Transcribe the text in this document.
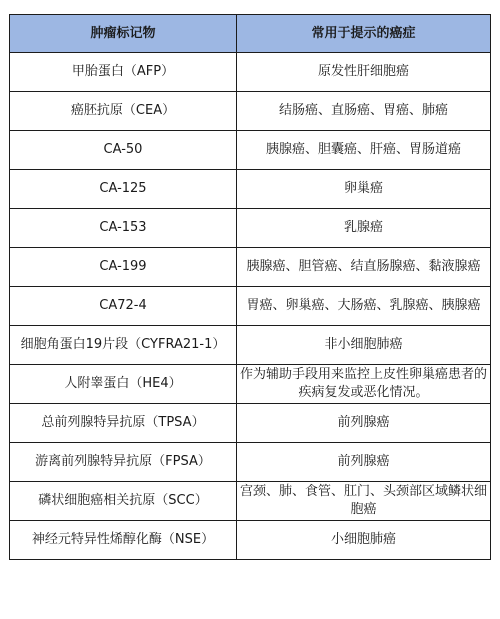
肿瘤标记物	常用于提示的癌症
甲胎蛋白（AFP）	原发性肝细胞癌
癌胚抗原（CEA）	结肠癌、直肠癌、胃癌、肺癌
CA-50	胰腺癌、胆囊癌、肝癌、胃肠道癌
CA-125	卵巢癌
CA-153	乳腺癌
CA-199	胰腺癌、胆管癌、结直肠腺癌、黏液腺癌
CA72-4	胃癌、卵巢癌、大肠癌、乳腺癌、胰腺癌
细胞角蛋白19片段（CYFRA21-1）	非小细胞肺癌
人附睾蛋白（HE4）	作为辅助手段用来监控上皮性卵巢癌患者的疾病复发或恶化情况。
总前列腺特异抗原（TPSA）	前列腺癌
游离前列腺特异抗原（FPSA）	前列腺癌
磷状细胞癌相关抗原（SCC）	宫颈、肺、食管、肛门、头颈部区域鳞状细胞癌
神经元特异性烯醇化酶（NSE）	小细胞肺癌
